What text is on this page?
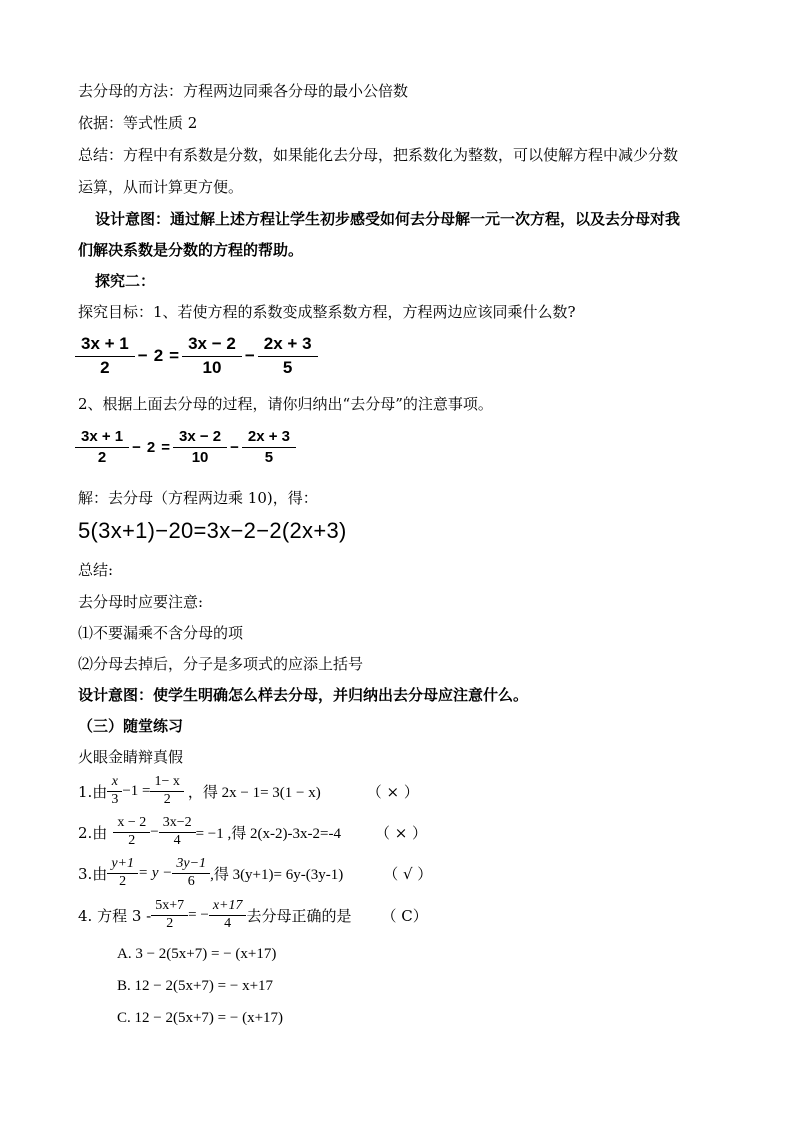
去分母的方法：方程两边同乘各分母的最小公倍数
依据：等式性质 2
总结：方程中有系数是分数，如果能化去分母，把系数化为整数，可以使解方程中减少分数
运算，从而计算更方便。
设计意图：通过解上述方程让学生初步感受如何去分母解一元一次方程，以及去分母对我
们解决系数是分数的方程的帮助。
探究二：
探究目标：1、若使方程的系数变成整系数方程，方程两边应该同乘什么数?
$\frac{3x + 1}{2} - 2 = \frac{3x - 2}{10} - \frac{2x + 3}{5}$
2、根据上面去分母的过程，请你归纳出“去分母”的注意事项。
$\frac{3x + 1}{2} - 2 = \frac{3x - 2}{10} - \frac{2x + 3}{5}$
解：去分母（方程两边乘 10)，得：
5(3x+1)−20=3x−2−2(2x+3)
总结:
去分母时应要注意:
⑴不要漏乘不含分母的项
⑵分母去掉后，分子是多项式的应添上括号
设计意图：使学生明确怎么样去分母，并归纳出去分母应注意什么。
（三）随堂练习
火眼金睛辩真假
1.由 $\frac{x}{3} -1 = \frac{1- x}{2}$ ，得 2x − 1= 3(1 − x)	（ × ）
2.由 $\frac{x - 2}{2} - \frac{3x-2}{4} = -1$ ,得 2(x-2)-3x-2=-4 （ × ）
3.由 $\frac{y+1}{2} = y - \frac{3y-1}{6}$ ,得 3(y+1)= 6y-(3y-1)	（ √ ）
4. 方程 $3 - \frac{5x+7}{2}$ = − $\frac{x+17}{4}$ 去分母正确的是 （ C）
A. 3 − 2(5x+7) = − (x+17)
B. 12 − 2(5x+7) = − x+17
C. 12 − 2(5x+7) = − (x+17)
